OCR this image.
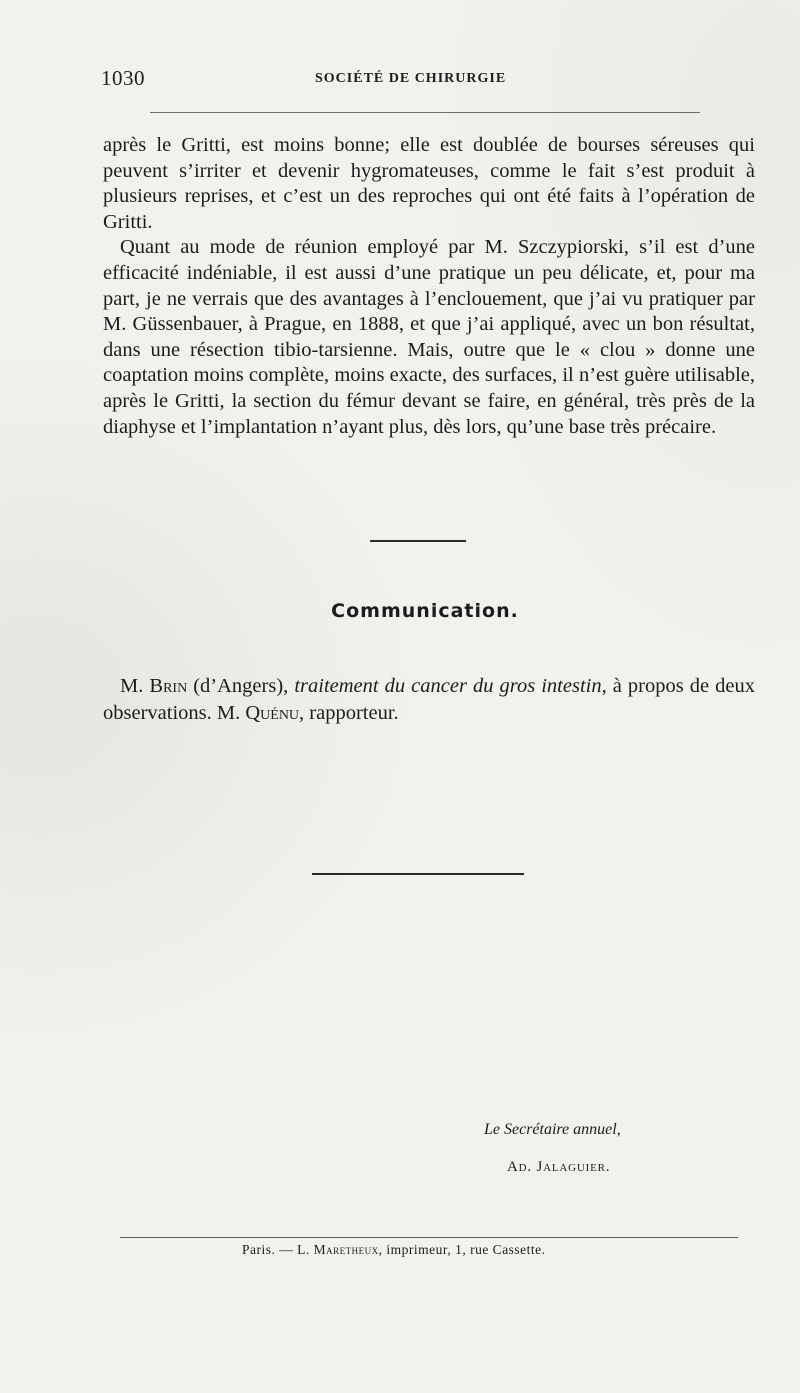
1030	SOCIÉTÉ DE CHIRURGIE

après le Gritti, est moins bonne; elle est doublée de bourses séreuses qui peuvent s’irriter et devenir hygromateuses, comme le fait s’est produit à plusieurs reprises, et c’est un des reproches qui ont été faits à l’opération de Gritti.

Quant au mode de réunion employé par M. Szczypiorski, s’il est d’une efficacité indéniable, il est aussi d’une pratique un peu délicate, et, pour ma part, je ne verrais que des avantages à l’enclouement, que j’ai vu pratiquer par M. Güssenbauer, à Prague, en 1888, et que j’ai appliqué, avec un bon résultat, dans une résection tibio-tarsienne. Mais, outre que le « clou » donne une coaptation moins complète, moins exacte, des surfaces, il n’est guère utilisable, après le Gritti, la section du fémur devant se faire, en général, très près de la diaphyse et l’implantation n’ayant plus, dès lors, qu’une base très précaire.

Communication.

M. Brin (d’Angers), traitement du cancer du gros intestin, à propos de deux observations. M. Quénu, rapporteur.

Le Secrétaire annuel,
Ad. Jalaguier.
Paris. — L. Maretheux, imprimeur, 1, rue Cassette.
